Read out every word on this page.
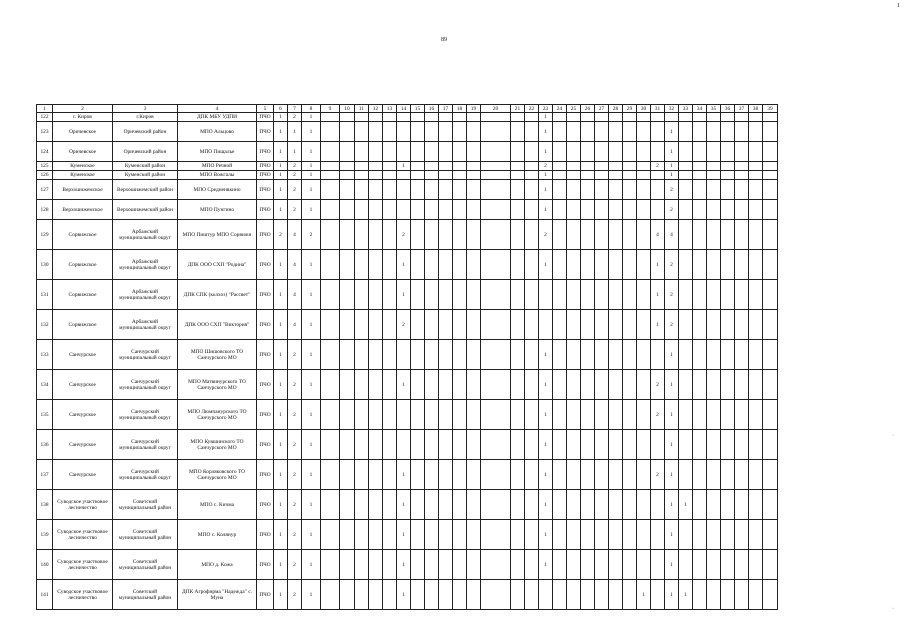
89
1
·
·
1	2	3	4	5	6	7	8	9	10	11	12	13	14	15	16	17	18	19	20	21	22	23	24	25	26	27	28	29	30	31	32	33	34	35	36	37	38	39
122	г. Киров	г.Киров	ДПК МБУ УДПИ	ПЧО	1	2	1															1																
123	Оричевское	Оричевский район	МПО Альцово	ПЧО	1	1	1															1									1							
124	Оричевское	Оричевский район	МПО Пищалье	ПЧО	1	1	1															1									1							
125	Куменское	Куменский район	МПО Речной	ПЧО	1	2	1						1									2								2	1							
126	Куменское	Куменский район	МПО Вожгалы	ПЧО	1	2	1															1									1							
127	Верхошижемское	Верхошижемский район	МПО Среднеивкино	ПЧО	1	2	1															1									2							
128	Верхошижемское	Верхошижемский район	МПО Пунгино	ПЧО	1	2	1															1									2							
129	Сорвижское	Арбажский муниципальный округ	МПО Пиштур МПО Сорвижи	ПЧО	2	4	2						2									2								4	4							
130	Сорвижское	Арбажский муниципальный округ	ДПК ООО СХП "Родина"	ПЧО	1	4	1						1									1								1	2							
131	Сорвижское	Арбажский муниципальный округ	ДПК СПК (колхоз) "Рассвет"	ПЧО	1	4	1						1																	1	2							
132	Сорвижское	Арбажский муниципальный округ	ДПК ООО СХП "Виктория"	ПЧО	1	4	1						2																	1	2							
133	Санчурское	Санчурский муниципальный округ	МПО Шишовского ТО Санчурского МО	ПЧО	1	2	1															1									1							
134	Санчурское	Санчурский муниципальный округ	МПО Матвинурского ТО Санчурского МО	ПЧО	1	2	1						1									1								2	1							
135	Санчурское	Санчурский муниципальный округ	МПО Люмпанурского ТО Санчурского МО	ПЧО	1	2	1															1								2	1							
136	Санчурское	Санчурский муниципальный округ	МПО Кувшинского ТО Санчурского МО	ПЧО	1	2	1															1									1							
137	Санчурское	Санчурский муниципальный округ	МПО Корляковского ТО Санчурского МО	ПЧО	1	2	1						1									1								2	1							
138	Суводское участковое лесничество	Советский муниципальный район	МПО с. Кичма	ПЧО	1	2	1						1									1									1	1						
139	Суводское участковое лесничество	Советский муниципальный район	МПО с. Колянур	ПЧО	1	2	1						1									1									1							
140	Суводское участковое лесничество	Советский муниципальный район	МПО д. Кожа	ПЧО	1	2	1						1									1									1							
141	Суводское участковое лесничество	Советский муниципальный район	ДПК Агрофирма "Надежда" с. Муна	ПЧО	1	2	1						1																1		1	1						
